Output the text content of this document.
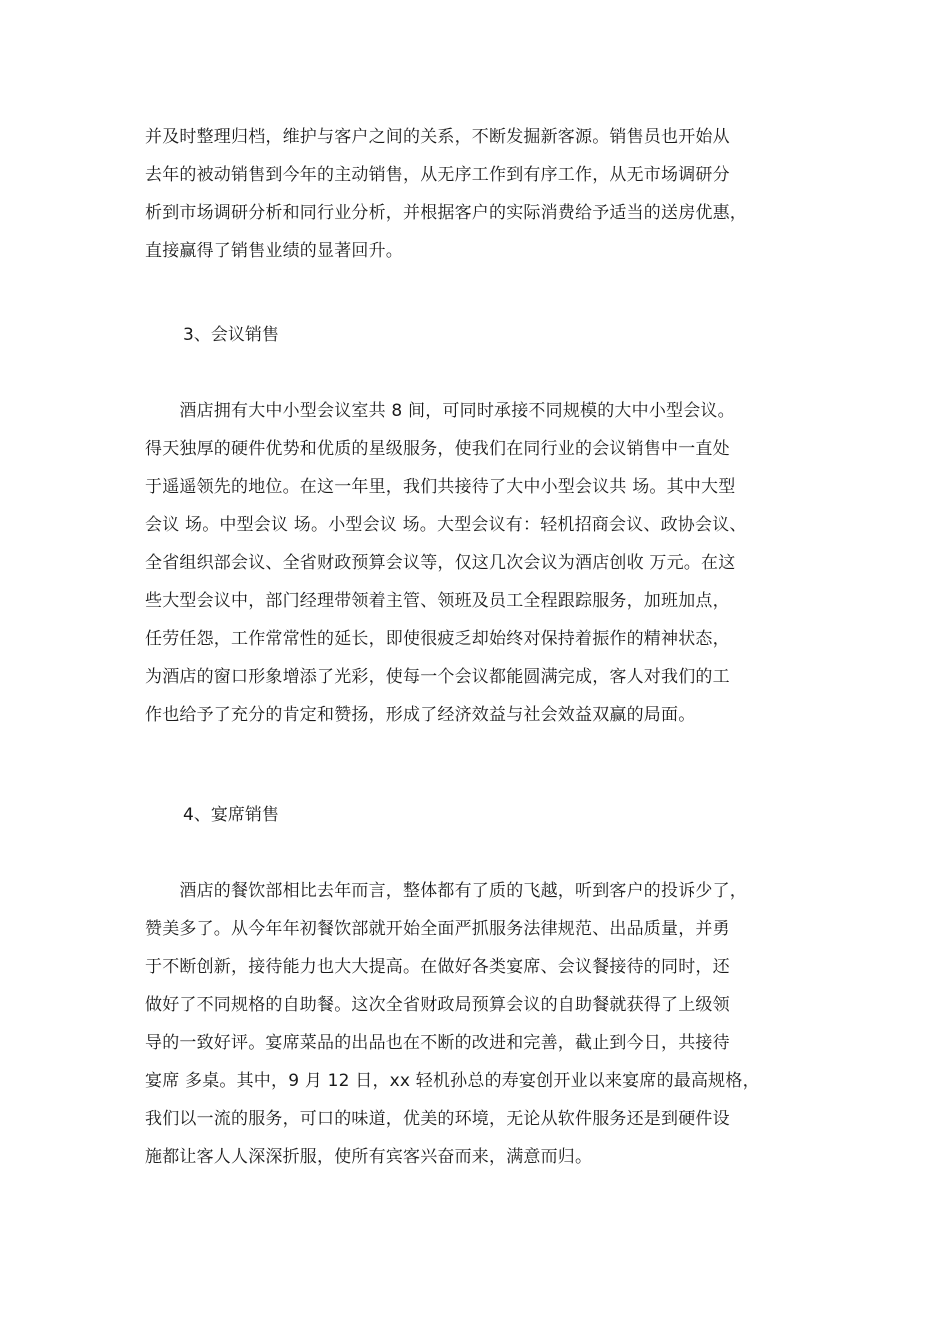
并及时整理归档，维护与客户之间的关系，不断发掘新客源。销售员也开始从
去年的被动销售到今年的主动销售，从无序工作到有序工作，从无市场调研分
析到市场调研分析和同行业分析，并根据客户的实际消费给予适当的送房优惠，
直接赢得了销售业绩的显著回升。
3、会议销售
　　酒店拥有大中小型会议室共 8 间，可同时承接不同规模的大中小型会议。
得天独厚的硬件优势和优质的星级服务，使我们在同行业的会议销售中一直处
于遥遥领先的地位。在这一年里，我们共接待了大中小型会议共 场。其中大型
会议 场。中型会议 场。小型会议 场。大型会议有：轻机招商会议、政协会议、
全省组织部会议、全省财政预算会议等，仅这几次会议为酒店创收 万元。在这
些大型会议中，部门经理带领着主管、领班及员工全程跟踪服务，加班加点，
任劳任怨，工作常常性的延长，即使很疲乏却始终对保持着振作的精神状态，
为酒店的窗口形象增添了光彩，使每一个会议都能圆满完成，客人对我们的工
作也给予了充分的肯定和赞扬，形成了经济效益与社会效益双赢的局面。
4、宴席销售
　　酒店的餐饮部相比去年而言，整体都有了质的飞越，听到客户的投诉少了，
赞美多了。从今年年初餐饮部就开始全面严抓服务法律规范、出品质量，并勇
于不断创新，接待能力也大大提高。在做好各类宴席、会议餐接待的同时，还
做好了不同规格的自助餐。这次全省财政局预算会议的自助餐就获得了上级领
导的一致好评。宴席菜品的出品也在不断的改进和完善，截止到今日，共接待
宴席 多桌。其中，9 月 12 日，xx 轻机孙总的寿宴创开业以来宴席的最高规格，
我们以一流的服务，可口的味道，优美的环境，无论从软件服务还是到硬件设
施都让客人人深深折服，使所有宾客兴奋而来，满意而归。
